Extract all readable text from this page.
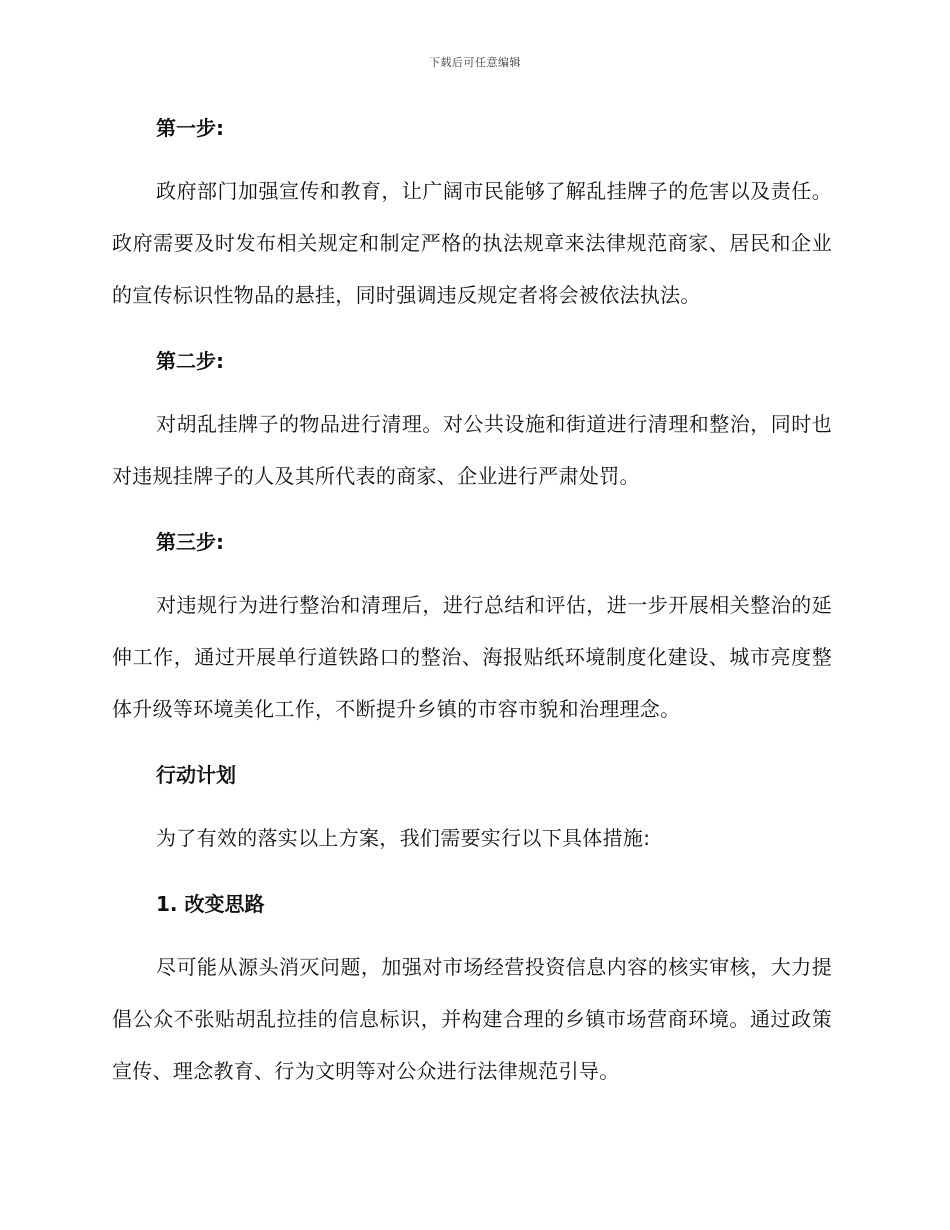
下载后可任意编辑
第一步:

政府部门加强宣传和教育，让广阔市民能够了解乱挂牌子的危害以及责任。政府需要及时发布相关规定和制定严格的执法规章来法律规范商家、居民和企业的宣传标识性物品的悬挂，同时强调违反规定者将会被依法执法。

第二步:

对胡乱挂牌子的物品进行清理。对公共设施和街道进行清理和整治，同时也对违规挂牌子的人及其所代表的商家、企业进行严肃处罚。

第三步:

对违规行为进行整治和清理后，进行总结和评估，进一步开展相关整治的延伸工作，通过开展单行道铁路口的整治、海报贴纸环境制度化建设、城市亮度整体升级等环境美化工作，不断提升乡镇的市容市貌和治理理念。

行动计划

为了有效的落实以上方案，我们需要实行以下具体措施:

1. 改变思路

尽可能从源头消灭问题，加强对市场经营投资信息内容的核实审核，大力提倡公众不张贴胡乱拉挂的信息标识，并构建合理的乡镇市场营商环境。通过政策宣传、理念教育、行为文明等对公众进行法律规范引导。
